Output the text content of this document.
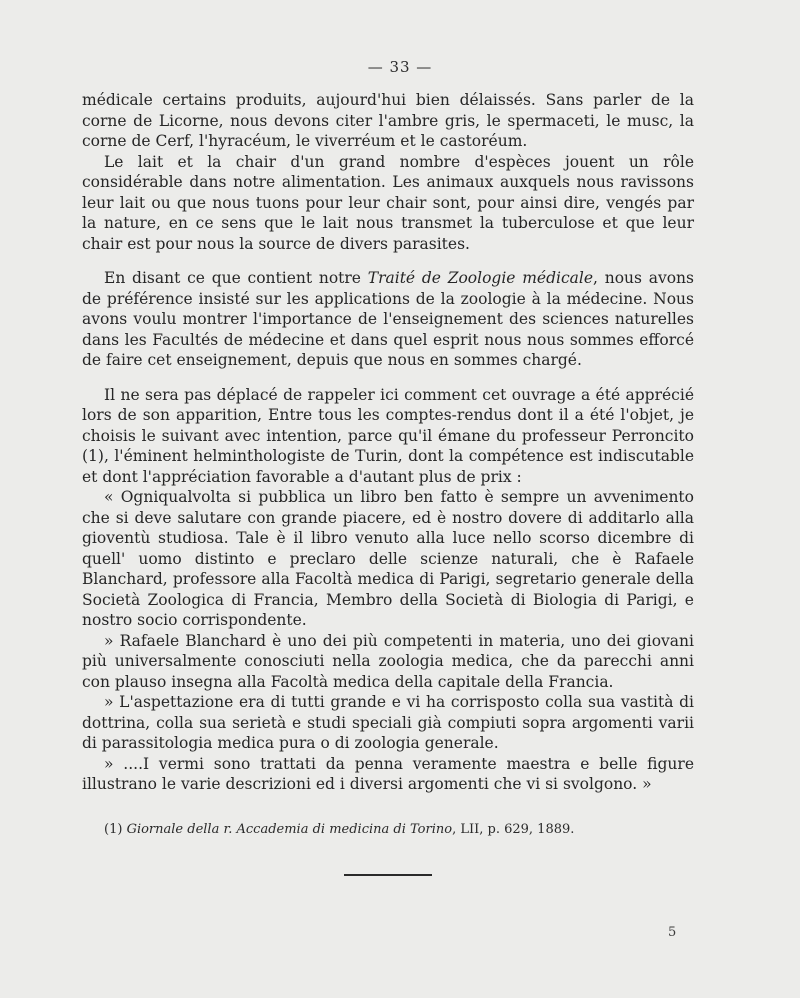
— 33 —

médicale certains produits, aujourd'hui bien délaissés. Sans parler de la corne de Licorne, nous devons citer l'ambre gris, le spermaceti, le musc, la corne de Cerf, l'hyracéum, le viverréum et le castoréum.

Le lait et la chair d'un grand nombre d'espèces jouent un rôle considérable dans notre alimentation. Les animaux auxquels nous ravissons leur lait ou que nous tuons pour leur chair sont, pour ainsi dire, vengés par la nature, en ce sens que le lait nous transmet la tuberculose et que leur chair est pour nous la source de divers parasites.

En disant ce que contient notre Traité de Zoologie médicale, nous avons de préférence insisté sur les applications de la zoologie à la médecine. Nous avons voulu montrer l'importance de l'enseignement des sciences naturelles dans les Facultés de médecine et dans quel esprit nous nous sommes efforcé de faire cet enseignement, depuis que nous en sommes chargé.

Il ne sera pas déplacé de rappeler ici comment cet ouvrage a été apprécié lors de son apparition, Entre tous les comptes-rendus dont il a été l'objet, je choisis le suivant avec intention, parce qu'il émane du professeur Perroncito (1), l'éminent helminthologiste de Turin, dont la compétence est indiscutable et dont l'appréciation favorable a d'autant plus de prix :

« Ogniqualvolta si pubblica un libro ben fatto è sempre un avvenimento che si deve salutare con grande piacere, ed è nostro dovere di additarlo alla gioventù studiosa. Tale è il libro venuto alla luce nello scorso dicembre di quell' uomo distinto e preclaro delle scienze naturali, che è Rafaele Blanchard, professore alla Facoltà medica di Parigi, segretario generale della Società Zoologica di Francia, Membro della Società di Biologia di Parigi, e nostro socio corrispondente.

» Rafaele Blanchard è uno dei più competenti in materia, uno dei giovani più universalmente conosciuti nella zoologia medica, che da parecchi anni con plauso insegna alla Facoltà medica della capitale della Francia.

» L'aspettazione era di tutti grande e vi ha corrisposto colla sua vastità di dottrina, colla sua serietà e studi speciali già compiuti sopra argomenti varii di parassitologia medica pura o di zoologia generale.

» ....I vermi sono trattati da penna veramente maestra e belle figure illustrano le varie descrizioni ed i diversi argomenti che vi si svolgono. »

(1) Giornale della r. Accademia di medicina di Torino, LII, p. 629, 1889.
5
